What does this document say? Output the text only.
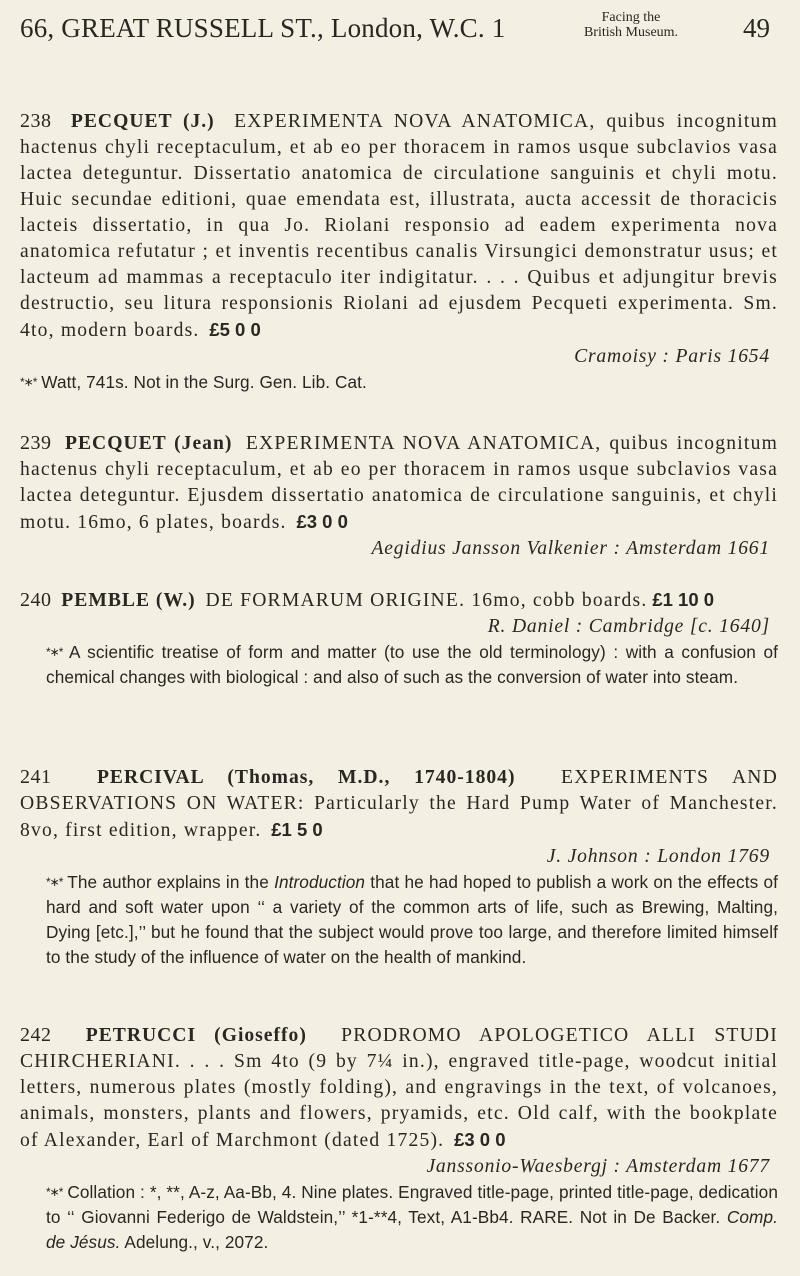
66, GREAT RUSSELL ST., London, W.C. 1	Facing the
British Museum. 49

238 PECQUET (J.) EXPERIMENTA NOVA ANATOMICA, quibus incognitum hactenus chyli receptaculum, et ab eo per thoracem in ramos usque subclavios vasa lactea deteguntur. Dissertatio anatomica de circulatione sanguinis et chyli motu. Huic secundae editioni, quae emendata est, illustrata, aucta accessit de thoracicis lacteis dissertatio, in qua Jo. Riolani responsio ad eadem experimenta nova anatomica refutatur ; et inventis recentibus canalis Virsungici demonstratur usus; et lacteum ad mammas a receptaculo iter indigitatur. . . . Quibus et adjungitur brevis destructio, seu litura responsionis Riolani ad ejusdem Pecqueti experimenta. Sm. 4to, modern boards. £5 0 0
Cramoisy : Paris 1654

*∗* Watt, 741s. Not in the Surg. Gen. Lib. Cat.

239 PECQUET (Jean) EXPERIMENTA NOVA ANATOMICA, quibus incognitum hactenus chyli receptaculum, et ab eo per thoracem in ramos usque subclavios vasa lactea deteguntur. Ejusdem dissertatio anatomica de circulatione sanguinis, et chyli motu. 16mo, 6 plates, boards. £3 0 0
Aegidius Jansson Valkenier : Amsterdam 1661

240 PEMBLE (W.) DE FORMARUM ORIGINE. 16mo, cobb boards. £1 10 0
R. Daniel : Cambridge [c. 1640]

*∗* A scientific treatise of form and matter (to use the old terminology) : with a confusion of chemical changes with biological : and also of such as the conversion of water into steam.

241 PERCIVAL (Thomas, M.D., 1740-1804) EXPERIMENTS AND OBSERVATIONS ON WATER: Particularly the Hard Pump Water of Manchester. 8vo, first edition, wrapper. £1 5 0
J. Johnson : London 1769

*∗* The author explains in the Introduction that he had hoped to publish a work on the effects of hard and soft water upon ‘‘ a variety of the common arts of life, such as Brewing, Malting, Dying [etc.],’’ but he found that the subject would prove too large, and therefore limited himself to the study of the influence of water on the health of mankind.

242 PETRUCCI (Gioseffo) PRODROMO APOLOGETICO ALLI STUDI CHIRCHERIANI. . . . Sm 4to (9 by 7¼ in.), engraved title-page, woodcut initial letters, numerous plates (mostly folding), and engravings in the text, of volcanoes, animals, monsters, plants and flowers, pryamids, etc. Old calf, with the bookplate of Alexander, Earl of Marchmont (dated 1725). £3 0 0
Janssonio-Waesbergj : Amsterdam 1677

*∗* Collation : *, **, A-z, Aa-Bb, 4. Nine plates. Engraved title-page, printed title-page, dedication to ‘‘ Giovanni Federigo de Waldstein,’’ *1-**4, Text, A1-Bb4. RARE. Not in De Backer. Comp. de Jésus. Adelung., v., 2072.
